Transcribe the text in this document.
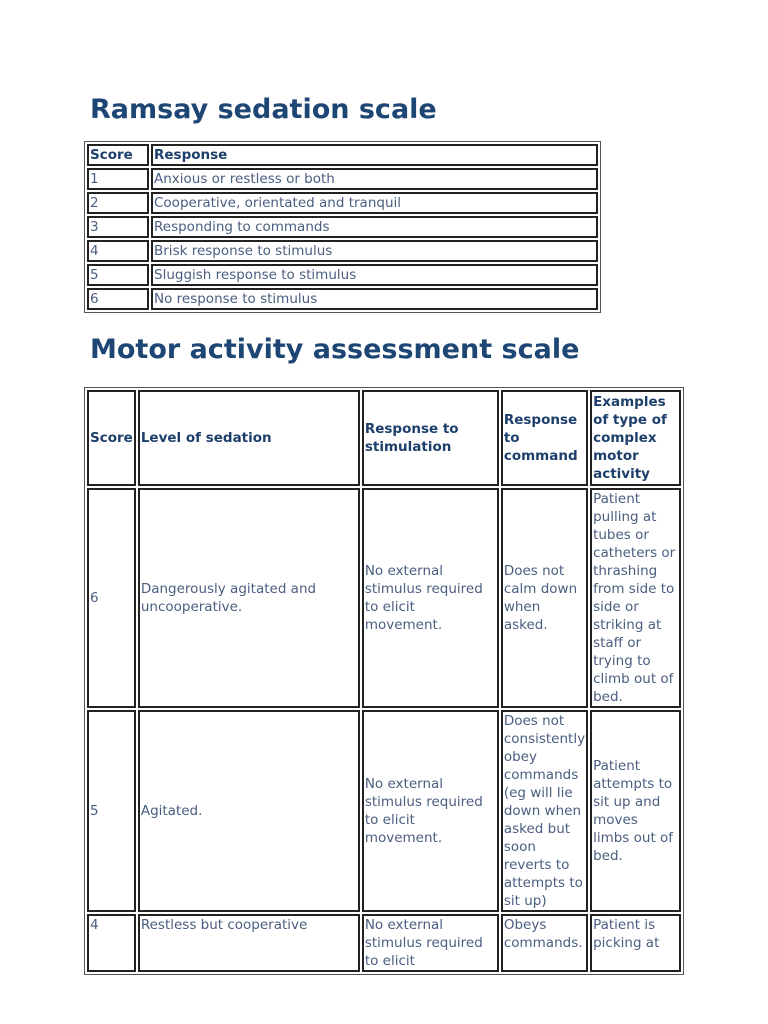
Ramsay sedation scale
Score	Response
1	Anxious or restless or both
2	Cooperative, orientated and tranquil
3	Responding to commands
4	Brisk response to stimulus
5	Sluggish response to stimulus
6	No response to stimulus
Motor activity assessment scale
Score	Level of sedation	Response to stimulation	Response to command	Examples of type of complex motor activity
6	Dangerously agitated and uncooperative.	No external stimulus required to elicit movement.	Does not calm down when asked.	Patient pulling at tubes or catheters or thrashing from side to side or striking at staff or trying to climb out of bed.
5	Agitated.	No external stimulus required to elicit movement.	Does not consistently obey commands (eg will lie down when asked but soon reverts to attempts to sit up)	Patient attempts to sit up and moves limbs out of bed.
4	Restless but cooperative	No external stimulus required to elicit	Obeys commands.	Patient is picking at
